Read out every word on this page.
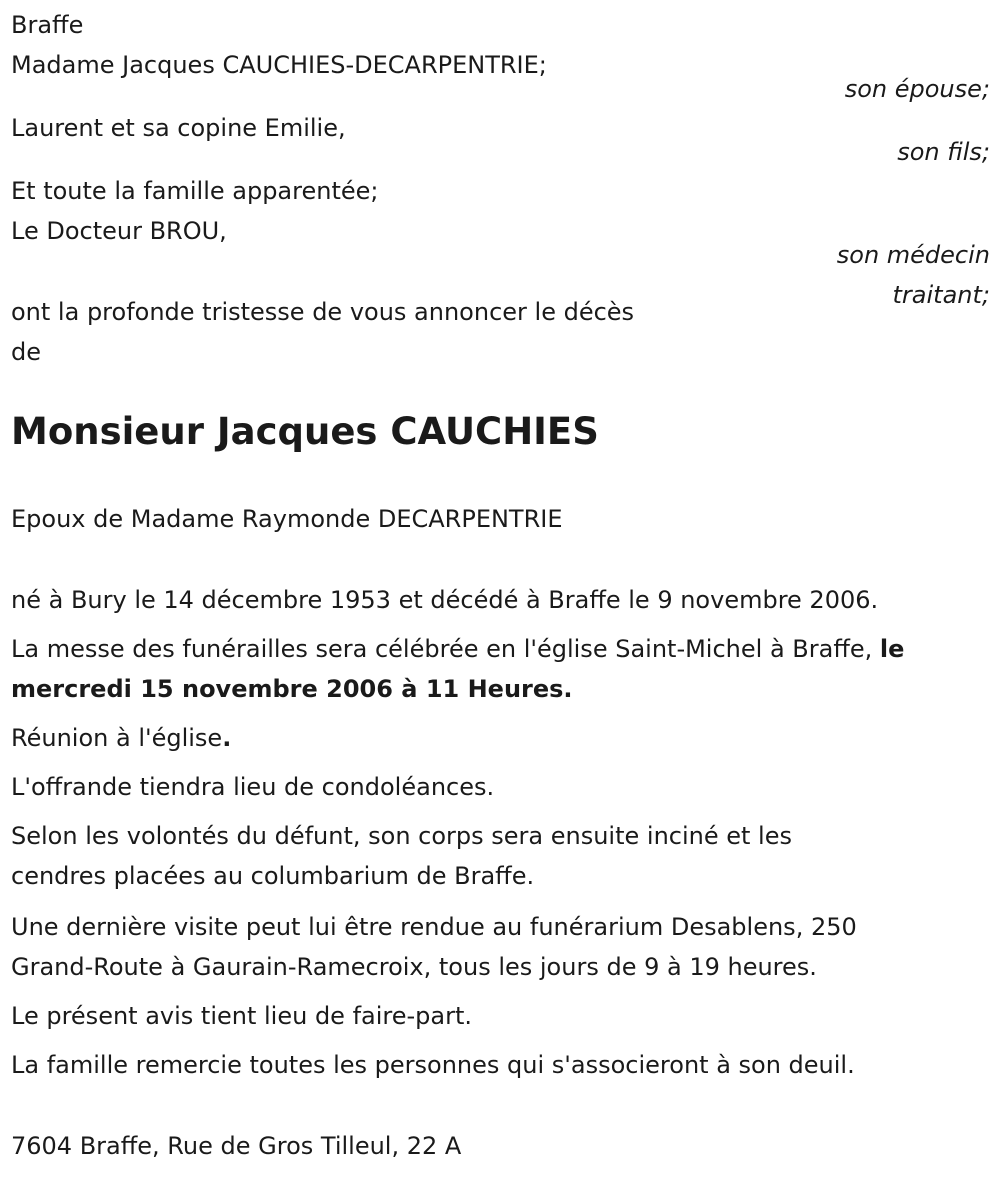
Braffe
Madame Jacques CAUCHIES-DECARPENTRIE;
son épouse;
Laurent et sa copine Emilie,
son fils;
Et toute la famille apparentée;
Le Docteur BROU,
son médecin
traitant;
ont la profonde tristesse de vous annoncer le décès
de
Monsieur Jacques CAUCHIES
Epoux de Madame Raymonde DECARPENTRIE
né à Bury le 14 décembre 1953 et décédé à Braffe le 9 novembre 2006.
La messe des funérailles sera célébrée en l'église Saint-Michel à Braffe, le
mercredi 15 novembre 2006 à 11 Heures.
Réunion à l'église.
L'offrande tiendra lieu de condoléances.
Selon les volontés du défunt, son corps sera ensuite inciné et les
cendres placées au columbarium de Braffe.
Une dernière visite peut lui être rendue au funérarium Desablens, 250
Grand-Route à Gaurain-Ramecroix, tous les jours de 9 à 19 heures.
Le présent avis tient lieu de faire-part.
La famille remercie toutes les personnes qui s'associeront à son deuil.
7604 Braffe, Rue de Gros Tilleul, 22 A
